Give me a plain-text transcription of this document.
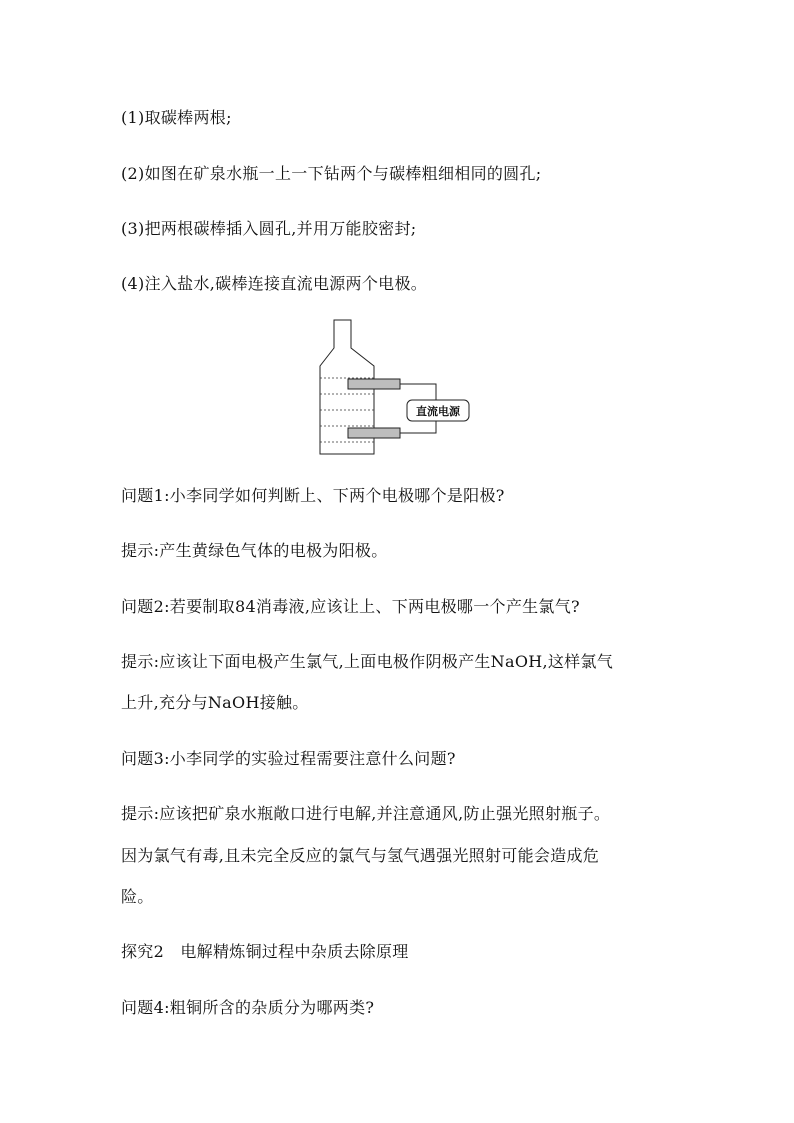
(1)取碳棒两根;
(2)如图在矿泉水瓶一上一下钻两个与碳棒粗细相同的圆孔;
(3)把两根碳棒插入圆孔,并用万能胶密封;
(4)注入盐水,碳棒连接直流电源两个电极。
直流电源
问题1:小李同学如何判断上、下两个电极哪个是阳极?
提示:产生黄绿色气体的电极为阳极。
问题2:若要制取84消毒液,应该让上、下两电极哪一个产生氯气?
提示:应该让下面电极产生氯气,上面电极作阴极产生NaOH,这样氯气
上升,充分与NaOH接触。
问题3:小李同学的实验过程需要注意什么问题?
提示:应该把矿泉水瓶敞口进行电解,并注意通风,防止强光照射瓶子。
因为氯气有毒,且未完全反应的氯气与氢气遇强光照射可能会造成危
险。
探究2　电解精炼铜过程中杂质去除原理
问题4:粗铜所含的杂质分为哪两类?
